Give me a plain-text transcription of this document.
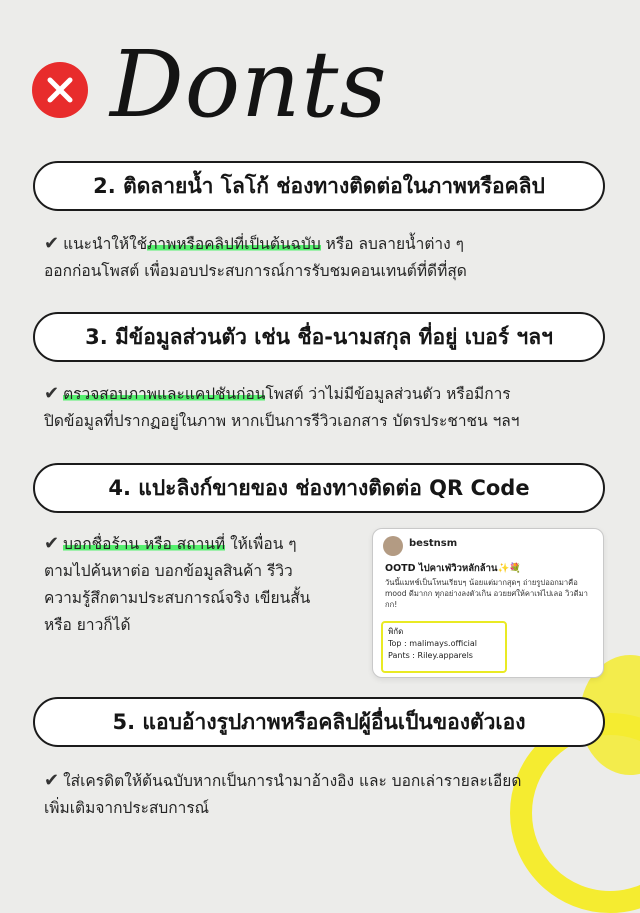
Donts
2. ติดลายน้ำ โลโก้ ช่องทางติดต่อในภาพหรือคลิป
✔ แนะนำให้ใช้ภาพหรือคลิปที่เป็นต้นฉบับ หรือ ลบลายน้ำต่าง ๆ
ออกก่อนโพสต์ เพื่อมอบประสบการณ์การรับชมคอนเทนต์ที่ดีที่สุด
3. มีข้อมูลส่วนตัว เช่น ชื่อ-นามสกุล ที่อยู่ เบอร์ ฯลฯ
✔ ตรวจสอบภาพและแคปชันก่อนโพสต์ ว่าไม่มีข้อมูลส่วนตัว หรือมีการ
ปิดข้อมูลที่ปรากฏอยู่ในภาพ หากเป็นการรีวิวเอกสาร บัตรประชาชน ฯลฯ
4. แปะลิงก์ขายของ ช่องทางติดต่อ QR Code
✔ บอกชื่อร้าน หรือ สถานที่ ให้เพื่อน ๆ
ตามไปค้นหาต่อ บอกข้อมูลสินค้า รีวิว
ความรู้สึกตามประสบการณ์จริง เขียนสั้น
หรือ ยาวก็ได้
bestnsm
OOTD ไปคาเฟ่วิวหลักล้าน✨💐
วันนี้แมทช์เป็นโทนเรียบๆ น้อยแต่มากสุดๆ ถ่ายรูปออกมาคือ mood ดีมากก ทุกอย่างลงตัวเกิน อวยยศให้คาเฟ่ไปเลอ วิวดีมากก!
พิกัด
Top : malimays.official
Pants : Riley.apparels
5. แอบอ้างรูปภาพหรือคลิปผู้อื่นเป็นของตัวเอง
✔ ใส่เครดิตให้ต้นฉบับหากเป็นการนำมาอ้างอิง และ บอกเล่ารายละเอียด
เพิ่มเติมจากประสบการณ์
